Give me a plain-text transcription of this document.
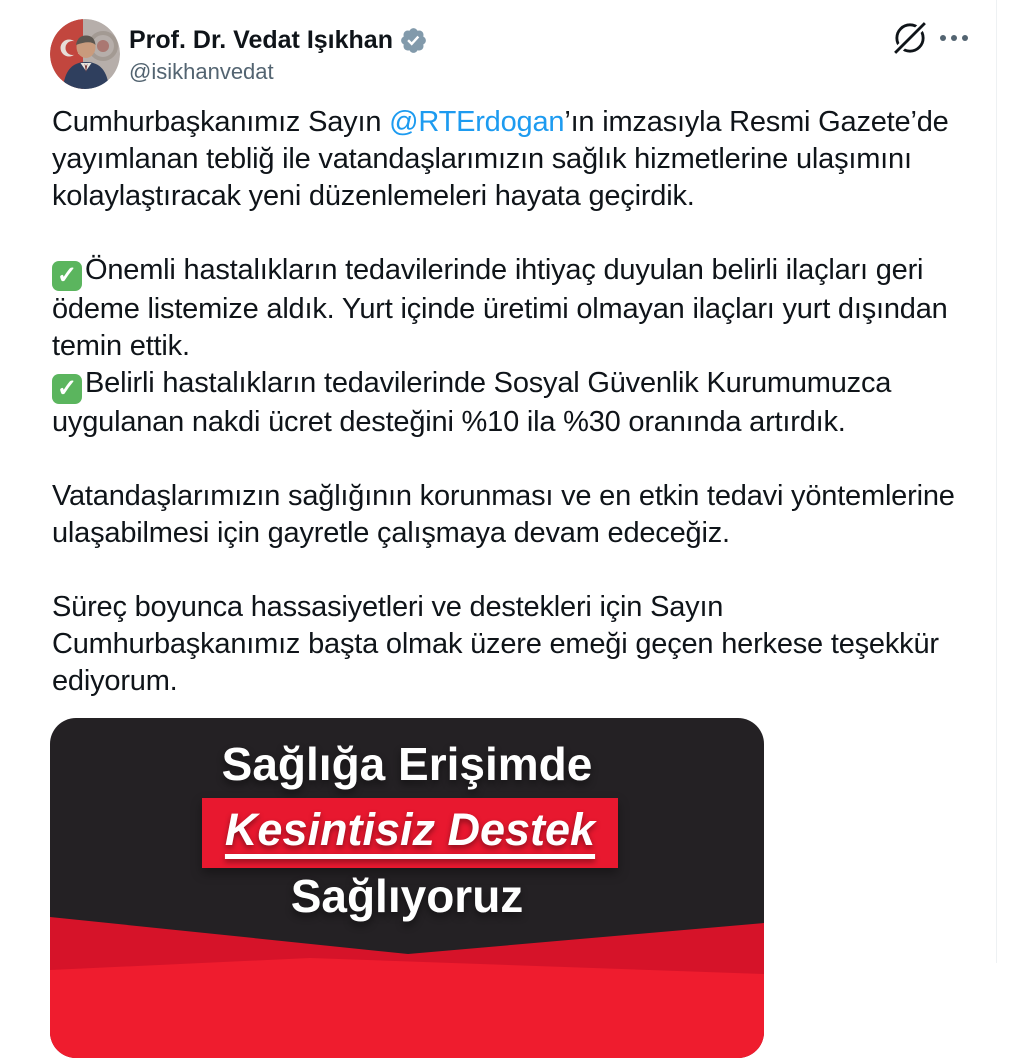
Prof. Dr. Vedat Işıkhan
@isikhanvedat

Cumhurbaşkanımız Sayın @RTErdogan’ın imzasıyla Resmi Gazete’de yayımlanan tebliğ ile vatandaşlarımızın sağlık hizmetlerine ulaşımını kolaylaştıracak yeni düzenlemeleri hayata geçirdik.

✓ Önemli hastalıkların tedavilerinde ihtiyaç duyulan belirli ilaçları geri ödeme listemize aldık. Yurt içinde üretimi olmayan ilaçları yurt dışından temin ettik.

✓ Belirli hastalıkların tedavilerinde Sosyal Güvenlik Kurumumuzca uygulanan nakdi ücret desteğini %10 ila %30 oranında artırdık.

Vatandaşlarımızın sağlığının korunması ve en etkin tedavi yöntemlerine ulaşabilmesi için gayretle çalışmaya devam edeceğiz.

Süreç boyunca hassasiyetleri ve destekleri için Sayın Cumhurbaşkanımız başta olmak üzere emeği geçen herkese teşekkür ediyorum.

Sağlığa Erişimde
Kesintisiz Destek
Sağlıyoruz
